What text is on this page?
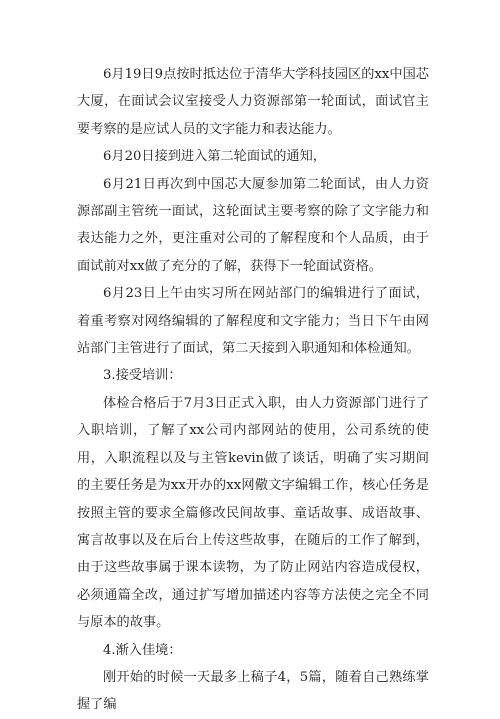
6月19日9点按时抵达位于清华大学科技园区的xx中国芯大厦，在面试会议室接受人力资源部第一轮面试，面试官主要考察的是应试人员的文字能力和表达能力。

6月20日接到进入第二轮面试的通知，

6月21日再次到中国芯大厦参加第二轮面试，由人力资源部副主管统一面试，这轮面试主要考察的除了文字能力和表达能力之外，更注重对公司的了解程度和个人品质，由于面试前对xx做了充分的了解，获得下一轮面试资格。

6月23日上午由实习所在网站部门的编辑进行了面试，着重考察对网络编辑的了解程度和文字能力；当日下午由网站部门主管进行了面试，第二天接到入职通知和体检通知。

3.接受培训：

体检合格后于7月3日正式入职，由人力资源部门进行了入职培训，了解了xx公司内部网站的使用，公司系统的使用，入职流程以及与主管kevin做了谈话，明确了实习期间的主要任务是为xx开办的xx网儆文字编辑工作，核心任务是按照主管的要求全篇修改民间故事、童话故事、成语故事、寓言故事以及在后台上传这些故事，在随后的工作了解到，由于这些故事属于课本读物，为了防止网站内容造成侵权，必须通篇全改，通过扩写增加描述内容等方法使之完全不同与原本的故事。

4.渐入佳境：

刚开始的时候一天最多上稿子4，5篇，随着自己熟练掌握了编
